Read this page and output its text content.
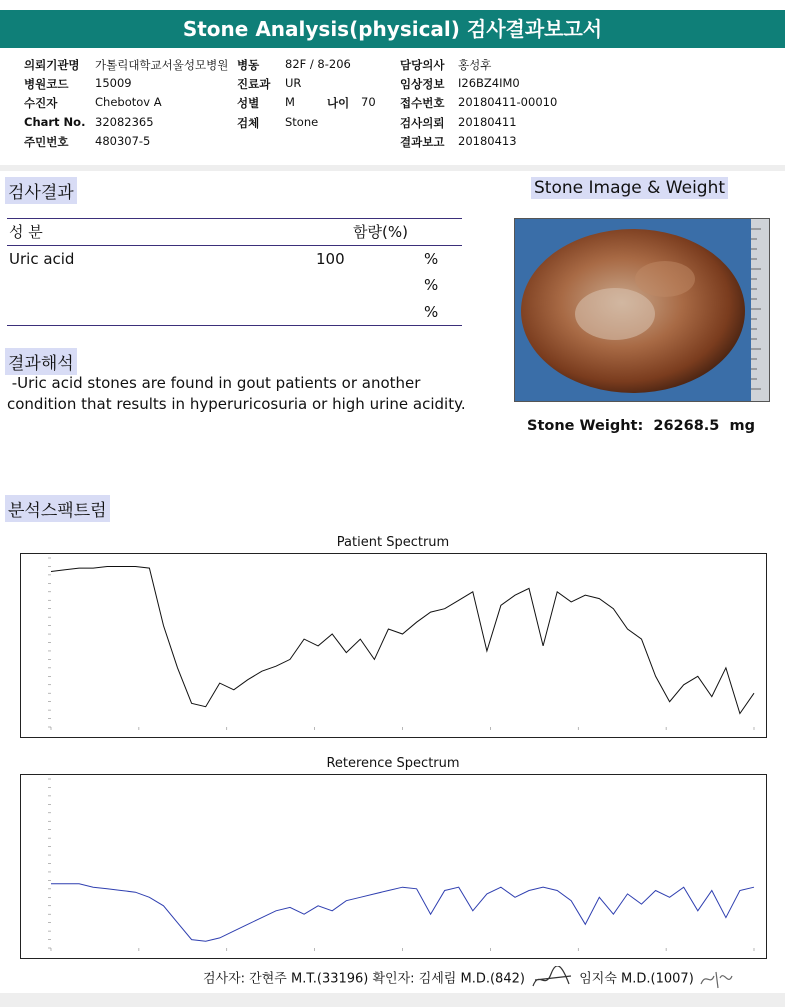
Stone Analysis(physical) 검사결과보고서
의뢰기관명 가톨릭대학교서울성모병원 병동 82F / 8-206	담당의사 홍성후
병원코드 15009	진료과 UR	임상정보 I26BZ4IM0
수진자	Chebotov A	성별 M	나이 70 접수번호 20180411-00010
Chart No. 32082365	검체 Stone	검사의뢰 20180411
주민번호 480307-5	결과보고 20180413
검사결과	Stone Image & Weight
성 분	함량(%)
Uric acid	100	%
%
%
결과해석
-Uric acid stones are found in gout patients or another
condition that results in hyperuricosuria or high urine acidity.
Stone Weight:  26268.5  mg
분석스팩트럼
Patient Spectrum
Reterence Spectrum
검사자: 간현주 M.T.(33196) 확인자: 김세림 M.D.(842)	임지숙 M.D.(1007)
